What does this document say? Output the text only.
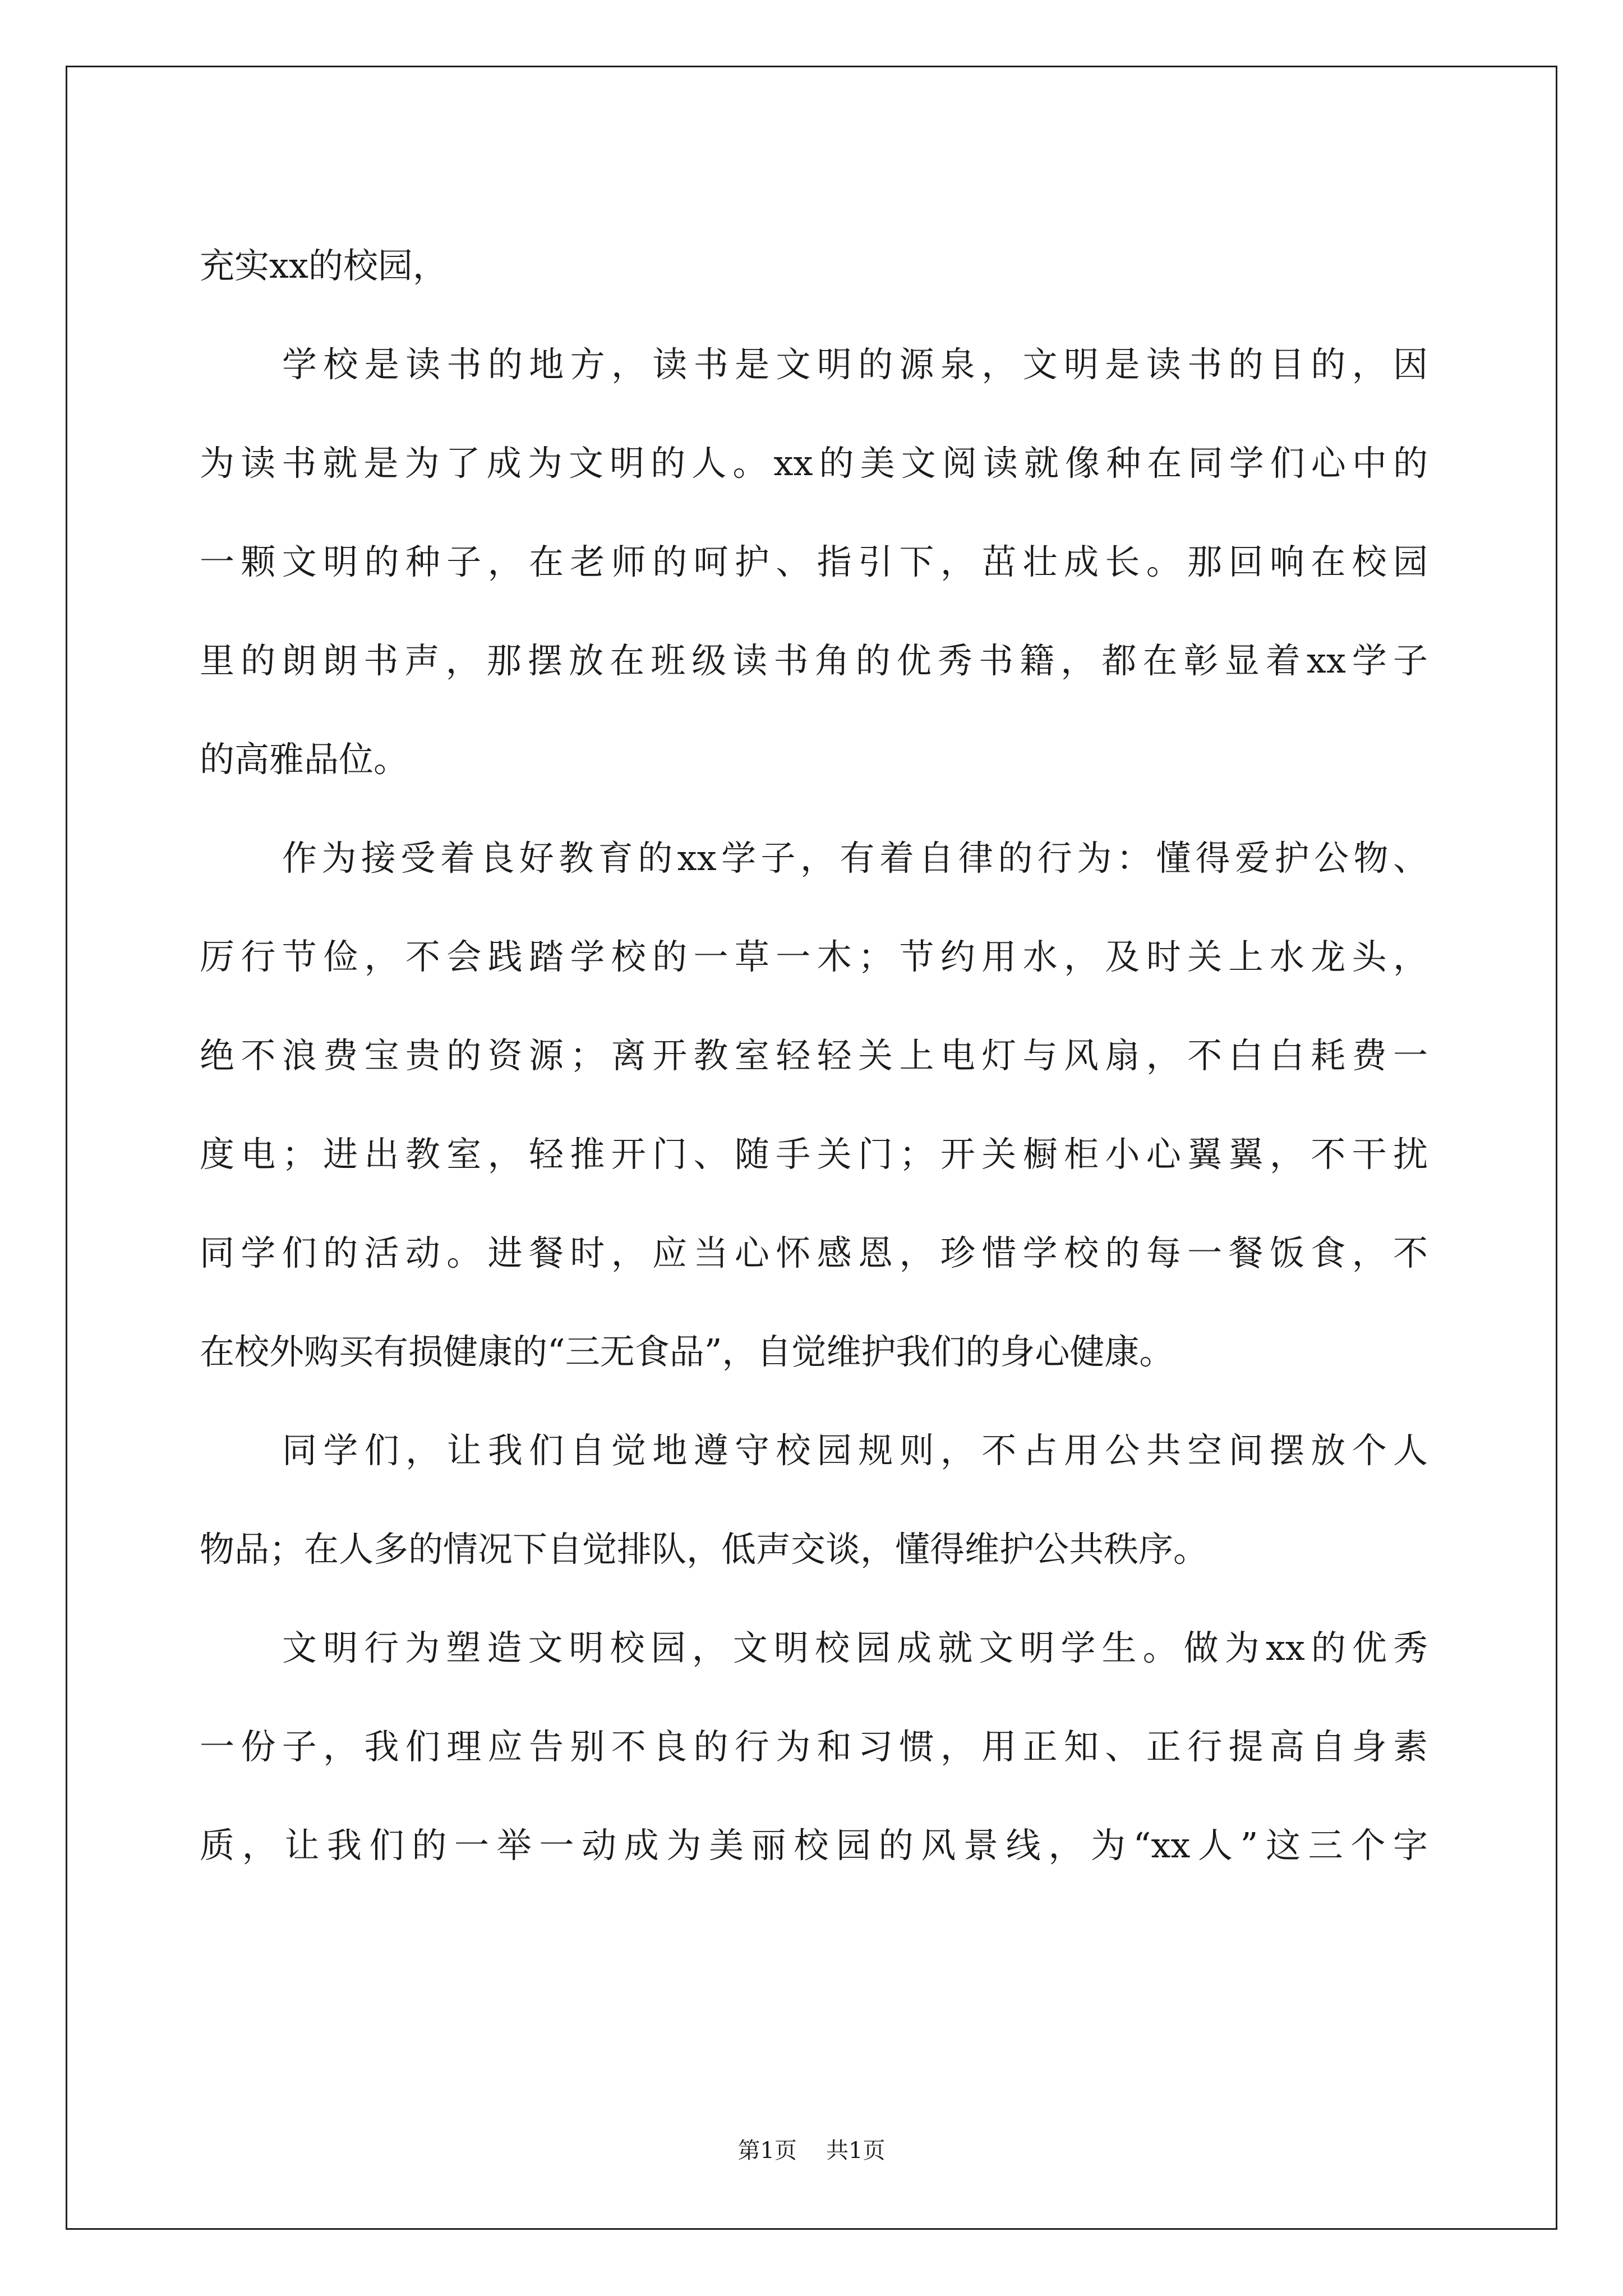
充实xx的校园，
学校是读书的地方，读书是文明的源泉，文明是读书的目的，因
为读书就是为了成为文明的人。xx的美文阅读就像种在同学们心中的
一颗文明的种子，在老师的呵护、指引下，茁壮成长。那回响在校园
里的朗朗书声，那摆放在班级读书角的优秀书籍，都在彰显着xx学子
的高雅品位。
作为接受着良好教育的xx学子，有着自律的行为：懂得爱护公物、
厉行节俭，不会践踏学校的一草一木；节约用水，及时关上水龙头，
绝不浪费宝贵的资源；离开教室轻轻关上电灯与风扇，不白白耗费一
度电；进出教室，轻推开门、随手关门；开关橱柜小心翼翼，不干扰
同学们的活动。进餐时，应当心怀感恩，珍惜学校的每一餐饭食，不
在校外购买有损健康的“三无食品”，自觉维护我们的身心健康。
同学们，让我们自觉地遵守校园规则，不占用公共空间摆放个人
物品；在人多的情况下自觉排队，低声交谈，懂得维护公共秩序。
文明行为塑造文明校园，文明校园成就文明学生。做为xx的优秀
一份子，我们理应告别不良的行为和习惯，用正知、正行提高自身素
质，让我们的一举一动成为美丽校园的风景线，为“xx人”这三个字
第1页 共1页
